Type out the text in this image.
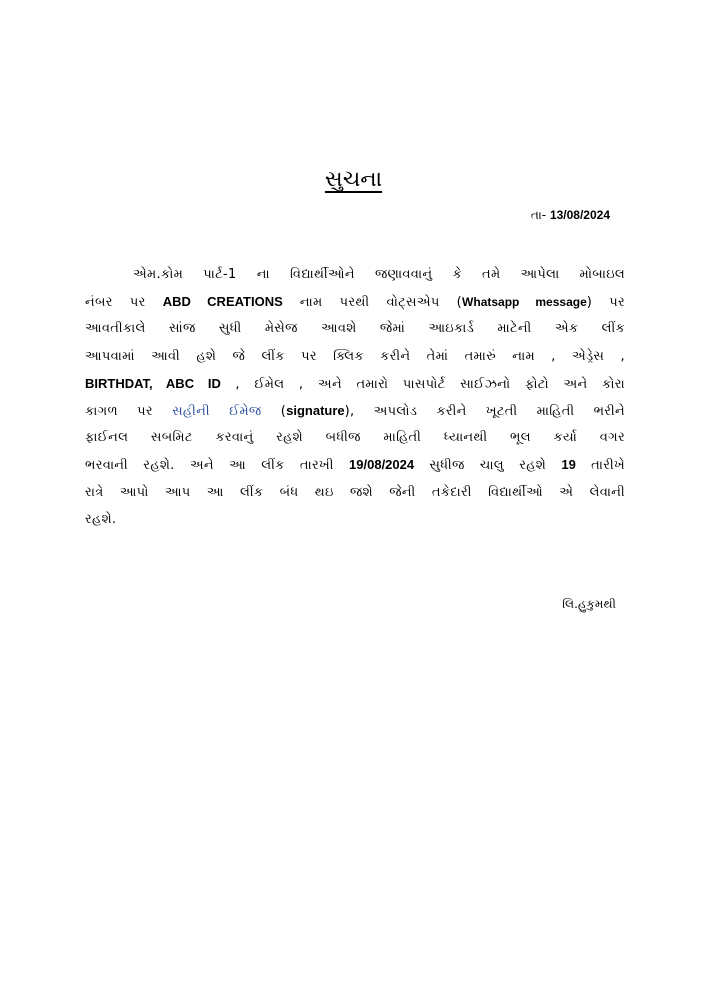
સુચના
તા- 13/08/2024
એમ.કોમ પાર્ટ-1 ના વિદ્યાર્થીઓને જણાવવાનું કે તમે આપેલા મોબાઇલ
નંબર પર ABD CREATIONS નામ પરથી વોટ્સએપ (Whatsapp message) પર
આવતીકાલે સાંજ સુધી મેસેજ આવશે જેમાં આઇકાર્ડ માટેની એક લીંક
આપવામાં આવી હશે જે લીંક પર ક્લિક કરીને તેમાં તમારું નામ , એડ્રેસ ,
BIRTHDAT, ABC ID , ઈમેલ , અને તમારો પાસપોર્ટ સાઈઝનો ફોટો અને કોરા
કાગળ પર સહીની ઈમેજ (signature), અપલોડ કરીને ખૂટતી માહિતી ભરીને
ફાઈનલ સબમિટ કરવાનું રહશે બધીજ માહિતી ધ્યાનથી ભૂલ કર્યા વગર
ભરવાની રહશે. અને આ લીંક તારખી 19/08/2024 સુધીજ ચાલુ રહશે 19 તારીખે
રાત્રે આપો આપ આ લીંક બંધ થઇ જશે જેની તકેદારી વિદ્યાર્થીઓ એ લેવાની
રહશે.
લિ.હુકુમથી
